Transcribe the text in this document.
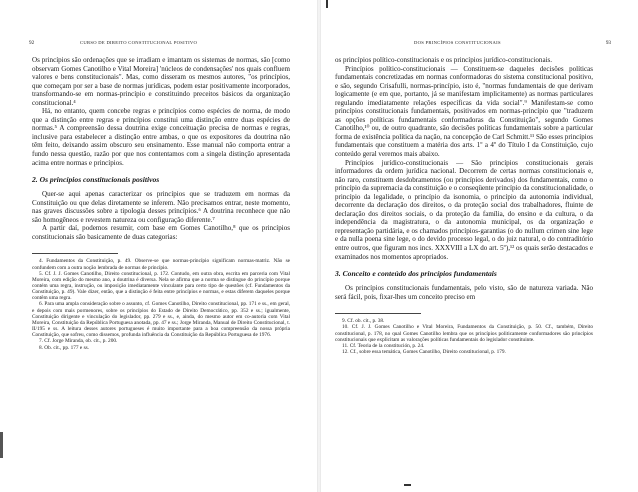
92	CURSO DE DIREITO CONSTITUCIONAL POSITIVO

Os princípios são ordenações que se irradiam e imantam os sistemas de normas, são [como observam Gomes Canotilho e Vital Moreira] 'núcleos de condensações' nos quais confluem valores e bens constitucionais". Mas, como disseram os mesmos autores, "os princípios, que começam por ser a base de normas jurídicas, podem estar positivamente incorporados, transformando-se em normas-princípio e constituindo preceitos básicos da organização constitucional.⁴

Há, no entanto, quem concebe regras e princípios como espécies de norma, de modo que a distinção entre regras e princípios constitui uma distinção entre duas espécies de normas.⁵ A compreensão dessa doutrina exige conceituação precisa de normas e regras, inclusive para estabelecer a distinção entre ambas, o que os expositores da doutrina não têm feito, deixando assim obscuro seu ensinamento. Esse manual não comporta entrar a fundo nessa questão, razão por que nos contentamos com a singela distinção apresentada acima entre normas e princípios.

2. Os princípios constitucionais positivos

Quer-se aqui apenas caracterizar os princípios que se traduzem em normas da Constituição ou que delas diretamente se inferem. Não precisamos entrar, neste momento, nas graves discussões sobre a tipologia desses princípios.⁶ A doutrina reconhece que não são homogêneos e revestem natureza ou configuração diferente.⁷

A partir daí, podemos resumir, com base em Gomes Canotilho,⁸ que os princípios constitucionais são basicamente de duas categorias:

4. Fundamentos da Constituição, p. 49. Observe-se que normas-princípio significam normas-matriz. Não se confundem com a outra noção lembrada de normas de princípio.

5. Cf. J. J. Gomes Canotilho, Direito constitucional, p. 172. Contudo, em outra obra, escrita em parceria com Vital Moreira, com edição do mesmo ano, a doutrina é diversa. Nela se afirma que a norma se distingue do princípio porque contém uma regra, instrução, ou imposição imediatamente vinculante para certo tipo de questões (cf. Fundamentos da Constituição, p. 49). Vale dizer, então, que a distinção é feita entre princípios e normas, e estas diferem daqueles porque contêm uma regra.

6. Para uma ampla consideração sobre o assunto, cf. Gomes Canotilho, Direito constitucional, pp. 171 e ss., em geral, e depois com mais pormenores, sobre os princípios do Estado de Direito Democrático, pp. 352 e ss.; igualmente, Constituição dirigente e vinculação do legislador, pp. 279 e ss., e, ainda, do mesmo autor em co-autoria com Vital Moreira, Constituição da República Portuguesa anotada, pp. 47 e ss.; Jorge Miranda, Manual de Direito Constitucional, t. II/195 e ss. A leitura desses autores portugueses é muito importante para a boa compreensão da nossa própria Constituição, que sofreu, como dissemos, profunda influência da Constituição da República Portuguesa de 1976.

7. Cf. Jorge Miranda, ob. cit., p. 200.

8. Ob. cit., pp. 177 e ss.

DOS PRINCÍPIOS CONSTITUCIONAIS	93

os princípios político-constitucionais e os princípios jurídico-constitucionais.

Princípios político-constitucionais — Constituem-se daqueles decisões políticas fundamentais concretizadas em normas conformadoras do sistema constitucional positivo, e são, segundo Crisafulli, normas-princípio, isto é, "normas fundamentais de que derivam logicamente (e em que, portanto, já se manifestam implicitamente) as normas particulares regulando imediatamente relações específicas da vida social".⁹ Manifestam-se como princípios constitucionais fundamentais, positivados em normas-princípio que "traduzem as opções políticas fundamentais conformadoras da Constituição", segundo Gomes Canotilho,¹⁰ ou, de outro quadrante, são decisões políticas fundamentais sobre a particular forma de existência política da nação, na concepção de Carl Schmitt.¹¹ São esses princípios fundamentais que constituem a matéria dos arts. 1º a 4º do Título I da Constituição, cujo conteúdo geral veremos mais abaixo.

Princípios jurídico-constitucionais — São princípios constitucionais gerais informadores da ordem jurídica nacional. Decorrem de certas normas constitucionais e, não raro, constituem desdobramentos (ou princípios derivados) dos fundamentais, como o princípio da supremacia da constituição e o conseqüente princípio da constitucionalidade, o princípio da legalidade, o princípio da isonomia, o princípio da autonomia individual, decorrente da declaração dos direitos, o da proteção social dos trabalhadores, fluinte de declaração dos direitos sociais, o da proteção da família, do ensino e da cultura, o da independência da magistratura, o da autonomia municipal, os da organização e representação partidária, e os chamados princípios-garantias (o do nullum crimen sine lege e da nulla poena sine lege, o do devido processo legal, o do juiz natural, o do contraditório entre outros, que figuram nos incs. XXXVIII a LX do art. 5º),¹² os quais serão destacados e examinados nos momentos apropriados.

3. Conceito e conteúdo dos princípios fundamentais

Os princípios constitucionais fundamentais, pelo visto, são de natureza variada. Não será fácil, pois, fixar-lhes um conceito preciso em

9. Cf. ob. cit., p. 38.

10. Cf. J. J. Gomes Canotilho e Vital Moreira, Fundamentos da Constituição, p. 50. Cf., também, Direito constitucional, p. 178, no qual Gomes Canotilho lembra que os princípios politicamente conformadores são princípios constitucionais que explicitam as valorações políticas fundamentais do legislador constituinte.

11. Cf. Teoria de la constitución, p. 24.

12. Cf., sobre essa temática, Gomes Canotilho, Direito constitucional, p. 179.
